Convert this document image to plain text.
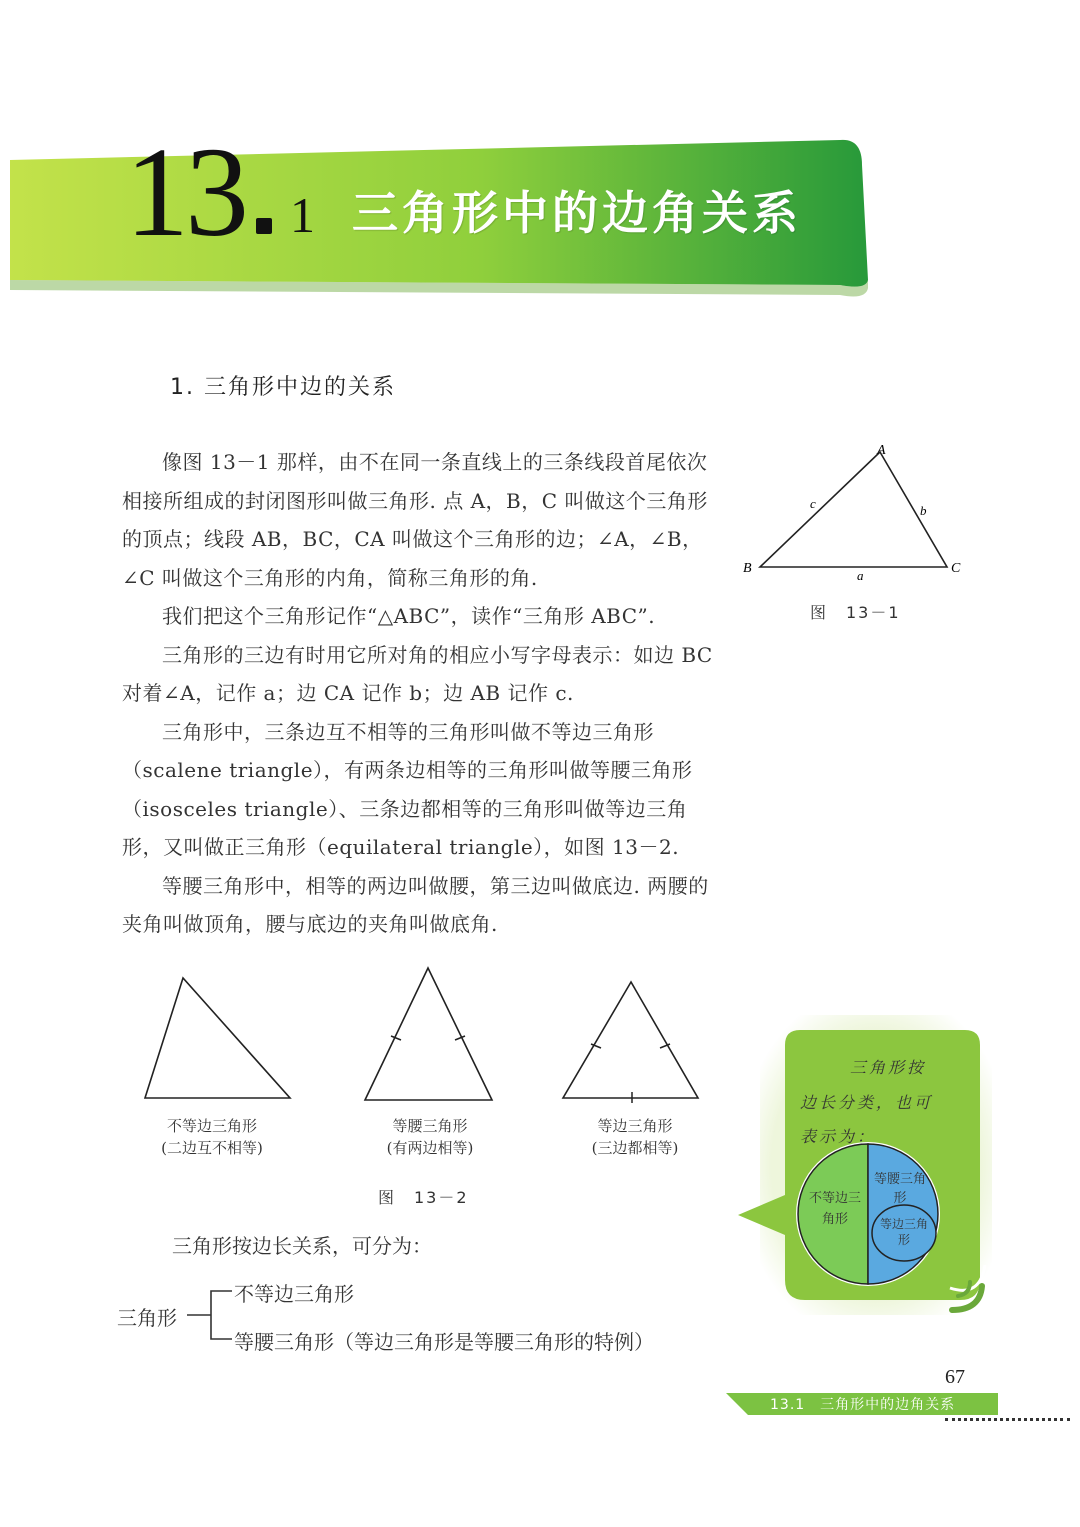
13 1 三角形中的边角关系
1. 三角形中边的关系

像图 13－1 那样，由不在同一条直线上的三条线段首尾依次相接所组成的封闭图形叫做三角形. 点 A，B，C 叫做这个三角形的顶点；线段 AB，BC，CA 叫做这个三角形的边；∠A，∠B，∠C 叫做这个三角形的内角，简称三角形的角.

我们把这个三角形记作“△ABC”，读作“三角形 ABC”.

三角形的三边有时用它所对角的相应小写字母表示：如边 BC 对着∠A，记作 a；边 CA 记作 b；边 AB 记作 c.

三角形中，三条边互不相等的三角形叫做不等边三角形（scalene triangle），有两条边相等的三角形叫做等腰三角形（isosceles triangle）、三条边都相等的三角形叫做等边三角形，又叫做正三角形（equilateral triangle），如图 13－2.

等腰三角形中，相等的两边叫做腰，第三边叫做底边. 两腰的夹角叫做顶角，腰与底边的夹角叫做底角.

A
B	C
a
b
c
图　13－1
不等边三角形
(二边互不相等)
等腰三角形
(有两边相等)
等边三角形
(三边都相等)
图　13－2
三角形按边长关系，可分为：
三角形
不等边三角形
等腰三角形（等边三角形是等腰三角形的特例）
三角形按
边长分类，也可
表示为：
不等边三角形
等腰三角形
等边三角形
67
13.1　三角形中的边角关系
